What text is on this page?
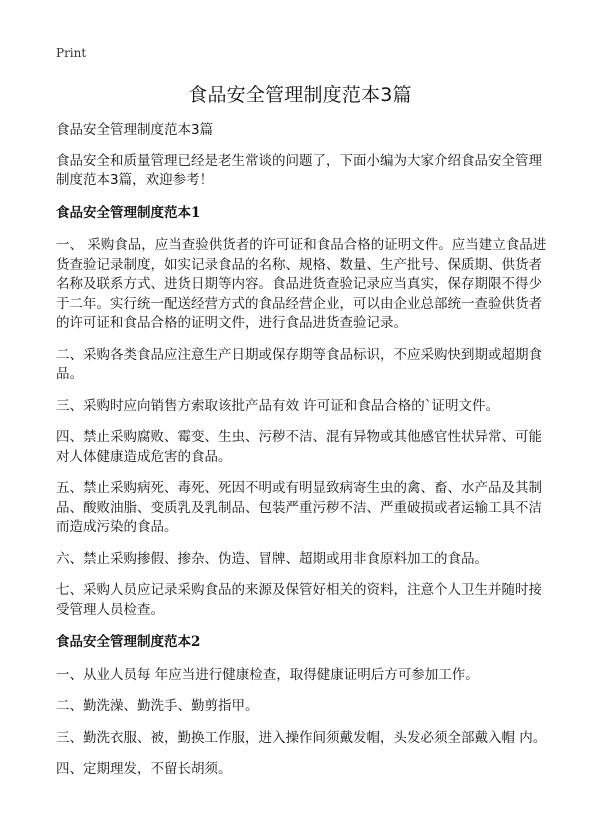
Print
食品安全管理制度范本3篇

食品安全管理制度范本3篇

食品安全和质量管理已经是老生常谈的问题了，下面小编为大家介绍食品安全管理制度范本3篇，欢迎参考！

食品安全管理制度范本1

一、 采购食品，应当查验供货者的许可证和食品合格的证明文件。应当建立食品进货查验记录制度，如实记录食品的名称、规格、数量、生产批号、保质期、供货者名称及联系方式、进货日期等内容。食品进货查验记录应当真实，保存期限不得少于二年。实行统一配送经营方式的食品经营企业，可以由企业总部统一查验供货者的许可证和食品合格的证明文件，进行食品进货查验记录。

二、采购各类食品应注意生产日期或保存期等食品标识，不应采购快到期或超期食品。

三、采购时应向销售方索取该批产品有效 许可证和食品合格的`证明文件。

四、禁止采购腐败、霉变、生虫、污秽不洁、混有异物或其他感官性状异常、可能对人体健康造成危害的食品。

五、禁止采购病死、毒死、死因不明或有明显致病寄生虫的禽、畜、水产品及其制品、酸败油脂、变质乳及乳制品、包装严重污秽不洁、严重破损或者运输工具不洁而造成污染的食品。

六、禁止采购掺假、掺杂、伪造、冒牌、超期或用非食原料加工的食品。

七、采购人员应记录采购食品的来源及保管好相关的资料，注意个人卫生并随时接受管理人员检查。

食品安全管理制度范本2

一、从业人员每 年应当进行健康检查，取得健康证明后方可参加工作。

二、勤洗澡、勤洗手、勤剪指甲。

三、勤洗衣服、被，勤换工作服，进入操作间须戴发帽，头发必须全部戴入帽 内。

四、定期理发，不留长胡须。
